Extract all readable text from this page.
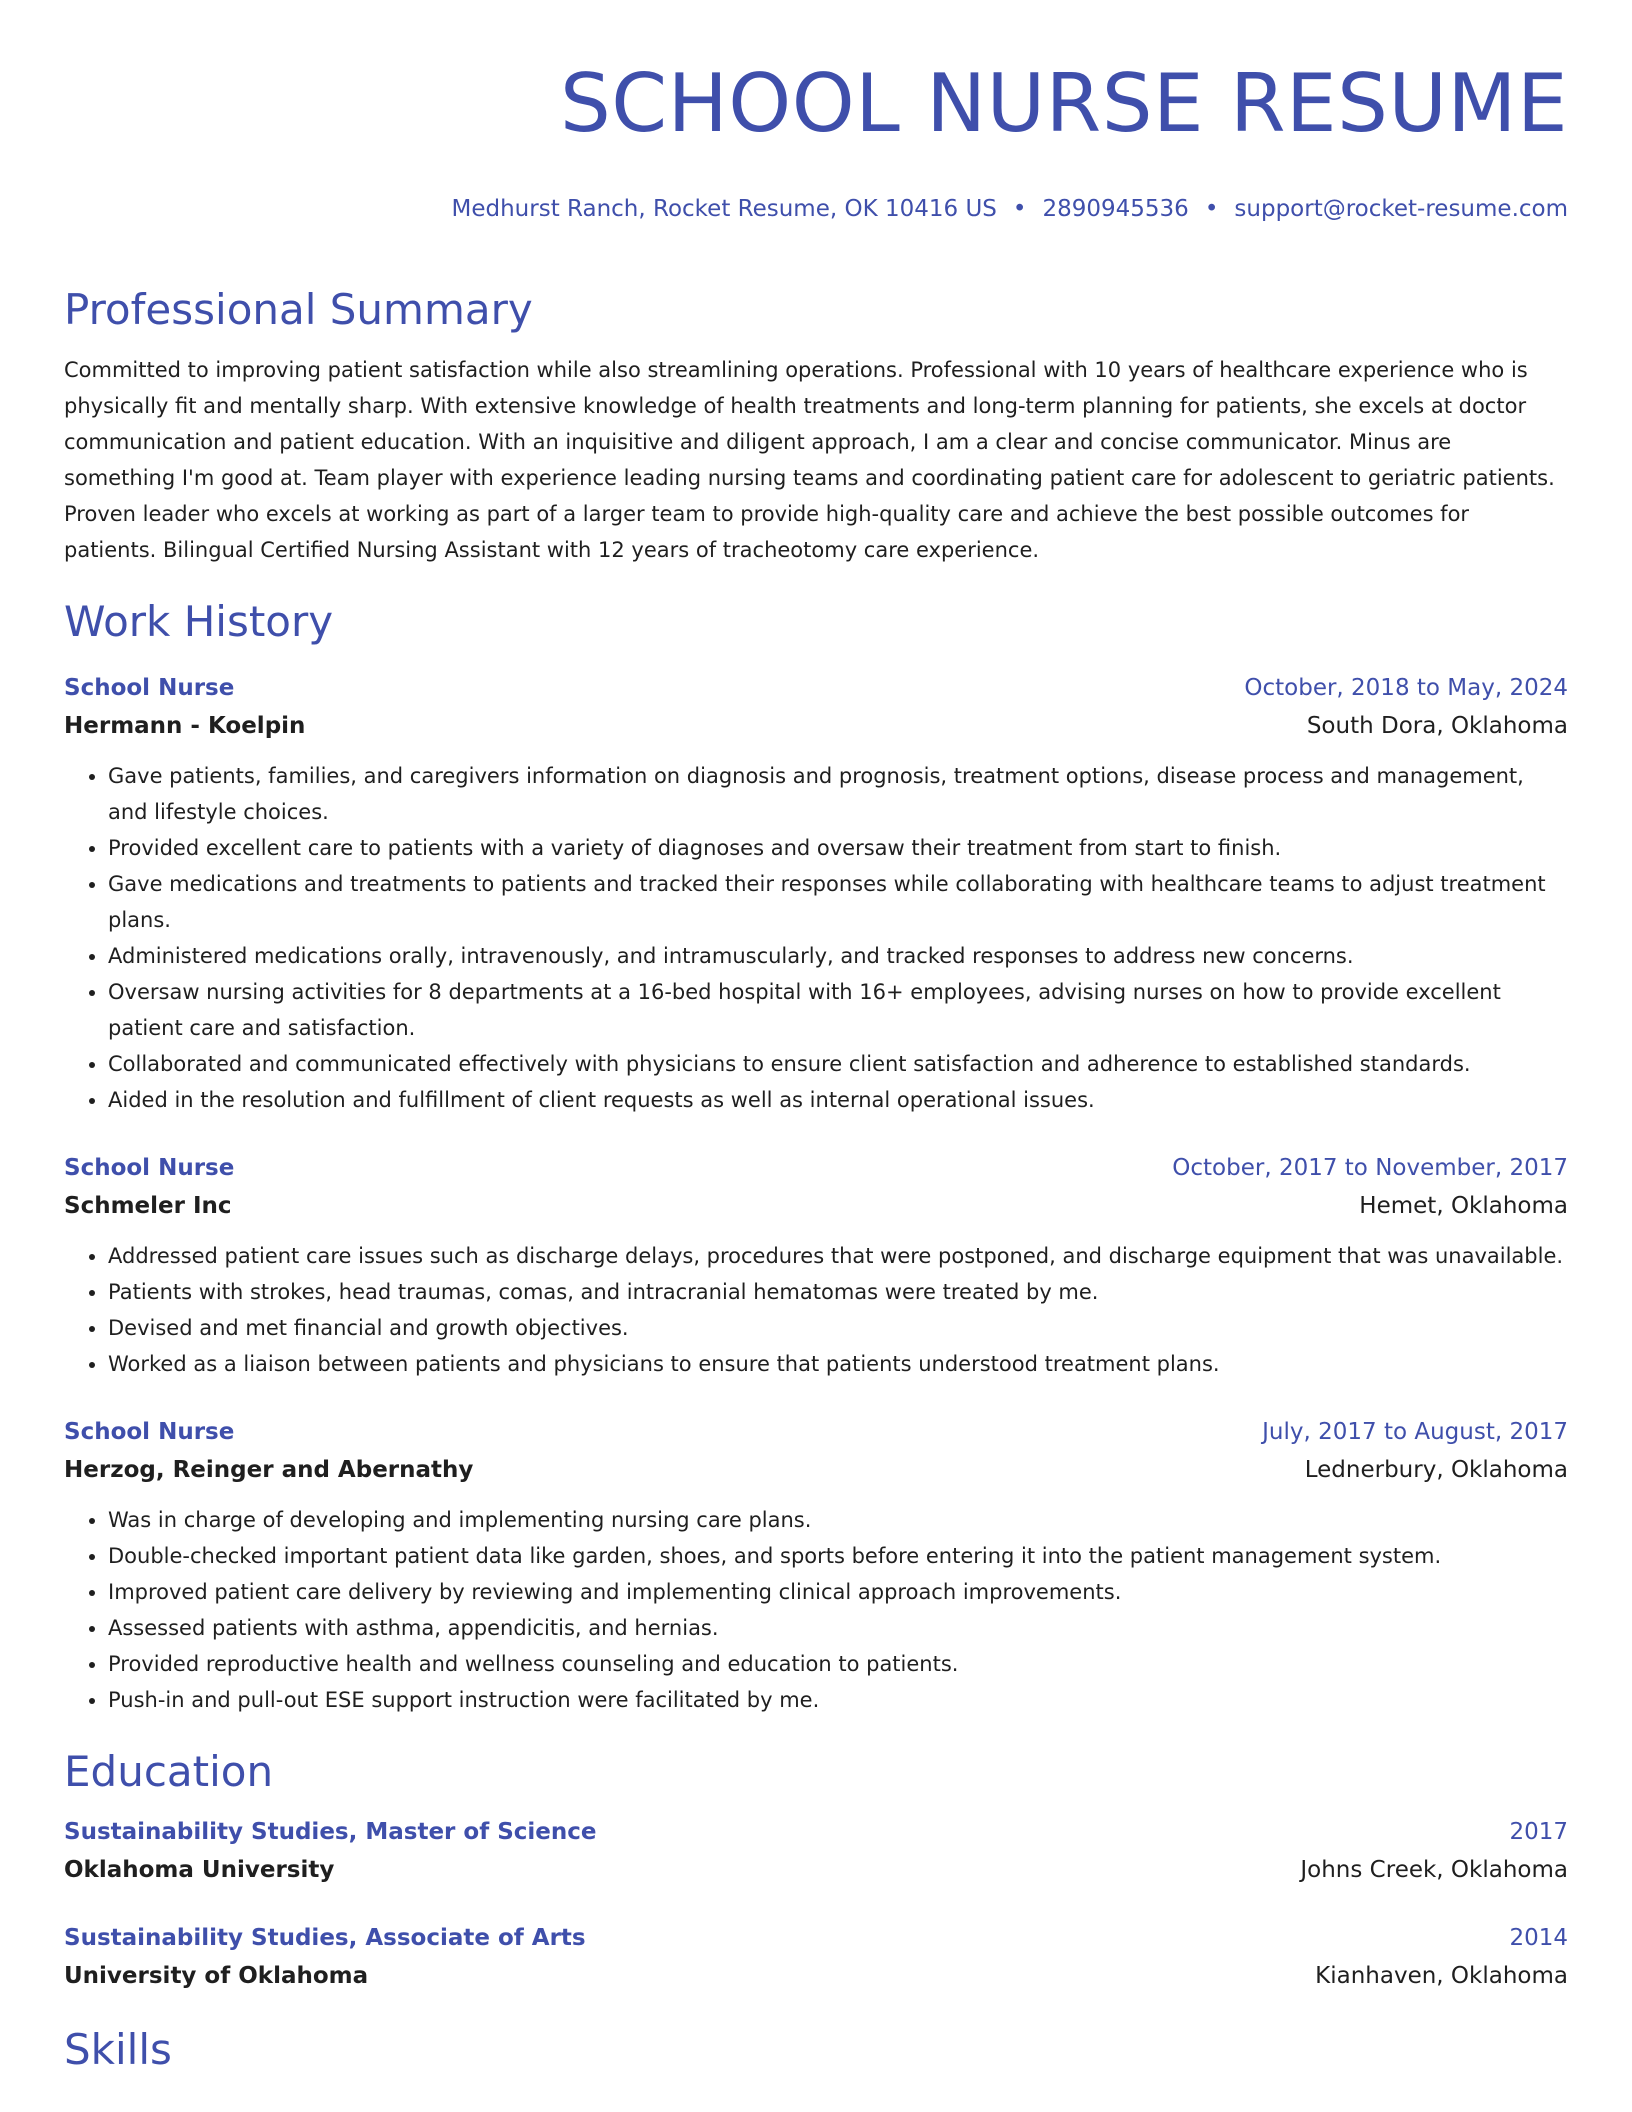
SCHOOL NURSE RESUME
Medhurst Ranch, Rocket Resume, OK 10416 US • 2890945536 • support@rocket-resume.com
Professional Summary
Committed to improving patient satisfaction while also streamlining operations. Professional with 10 years of healthcare experience who is physically fit and mentally sharp. With extensive knowledge of health treatments and long-term planning for patients, she excels at doctor communication and patient education. With an inquisitive and diligent approach, I am a clear and concise communicator. Minus are something I'm good at. Team player with experience leading nursing teams and coordinating patient care for adolescent to geriatric patients. Proven leader who excels at working as part of a larger team to provide high-quality care and achieve the best possible outcomes for patients. Bilingual Certified Nursing Assistant with 12 years of tracheotomy care experience.
Work History
School Nurse	October, 2018 to May, 2024
Hermann - Koelpin	South Dora, Oklahoma
• Gave patients, families, and caregivers information on diagnosis and prognosis, treatment options, disease process and management, and lifestyle choices.
• Provided excellent care to patients with a variety of diagnoses and oversaw their treatment from start to finish.
• Gave medications and treatments to patients and tracked their responses while collaborating with healthcare teams to adjust treatment plans.
• Administered medications orally, intravenously, and intramuscularly, and tracked responses to address new concerns.
• Oversaw nursing activities for 8 departments at a 16-bed hospital with 16+ employees, advising nurses on how to provide excellent patient care and satisfaction.
• Collaborated and communicated effectively with physicians to ensure client satisfaction and adherence to established standards.
• Aided in the resolution and fulfillment of client requests as well as internal operational issues.
School Nurse	October, 2017 to November, 2017
Schmeler Inc	Hemet, Oklahoma
• Addressed patient care issues such as discharge delays, procedures that were postponed, and discharge equipment that was unavailable.
• Patients with strokes, head traumas, comas, and intracranial hematomas were treated by me.
• Devised and met financial and growth objectives.
• Worked as a liaison between patients and physicians to ensure that patients understood treatment plans.
School Nurse	July, 2017 to August, 2017
Herzog, Reinger and Abernathy	Lednerbury, Oklahoma
• Was in charge of developing and implementing nursing care plans.
• Double-checked important patient data like garden, shoes, and sports before entering it into the patient management system.
• Improved patient care delivery by reviewing and implementing clinical approach improvements.
• Assessed patients with asthma, appendicitis, and hernias.
• Provided reproductive health and wellness counseling and education to patients.
• Push-in and pull-out ESE support instruction were facilitated by me.
Education
Sustainability Studies, Master of Science	2017
Oklahoma University	Johns Creek, Oklahoma
Sustainability Studies, Associate of Arts	2014
University of Oklahoma	Kianhaven, Oklahoma
Skills
